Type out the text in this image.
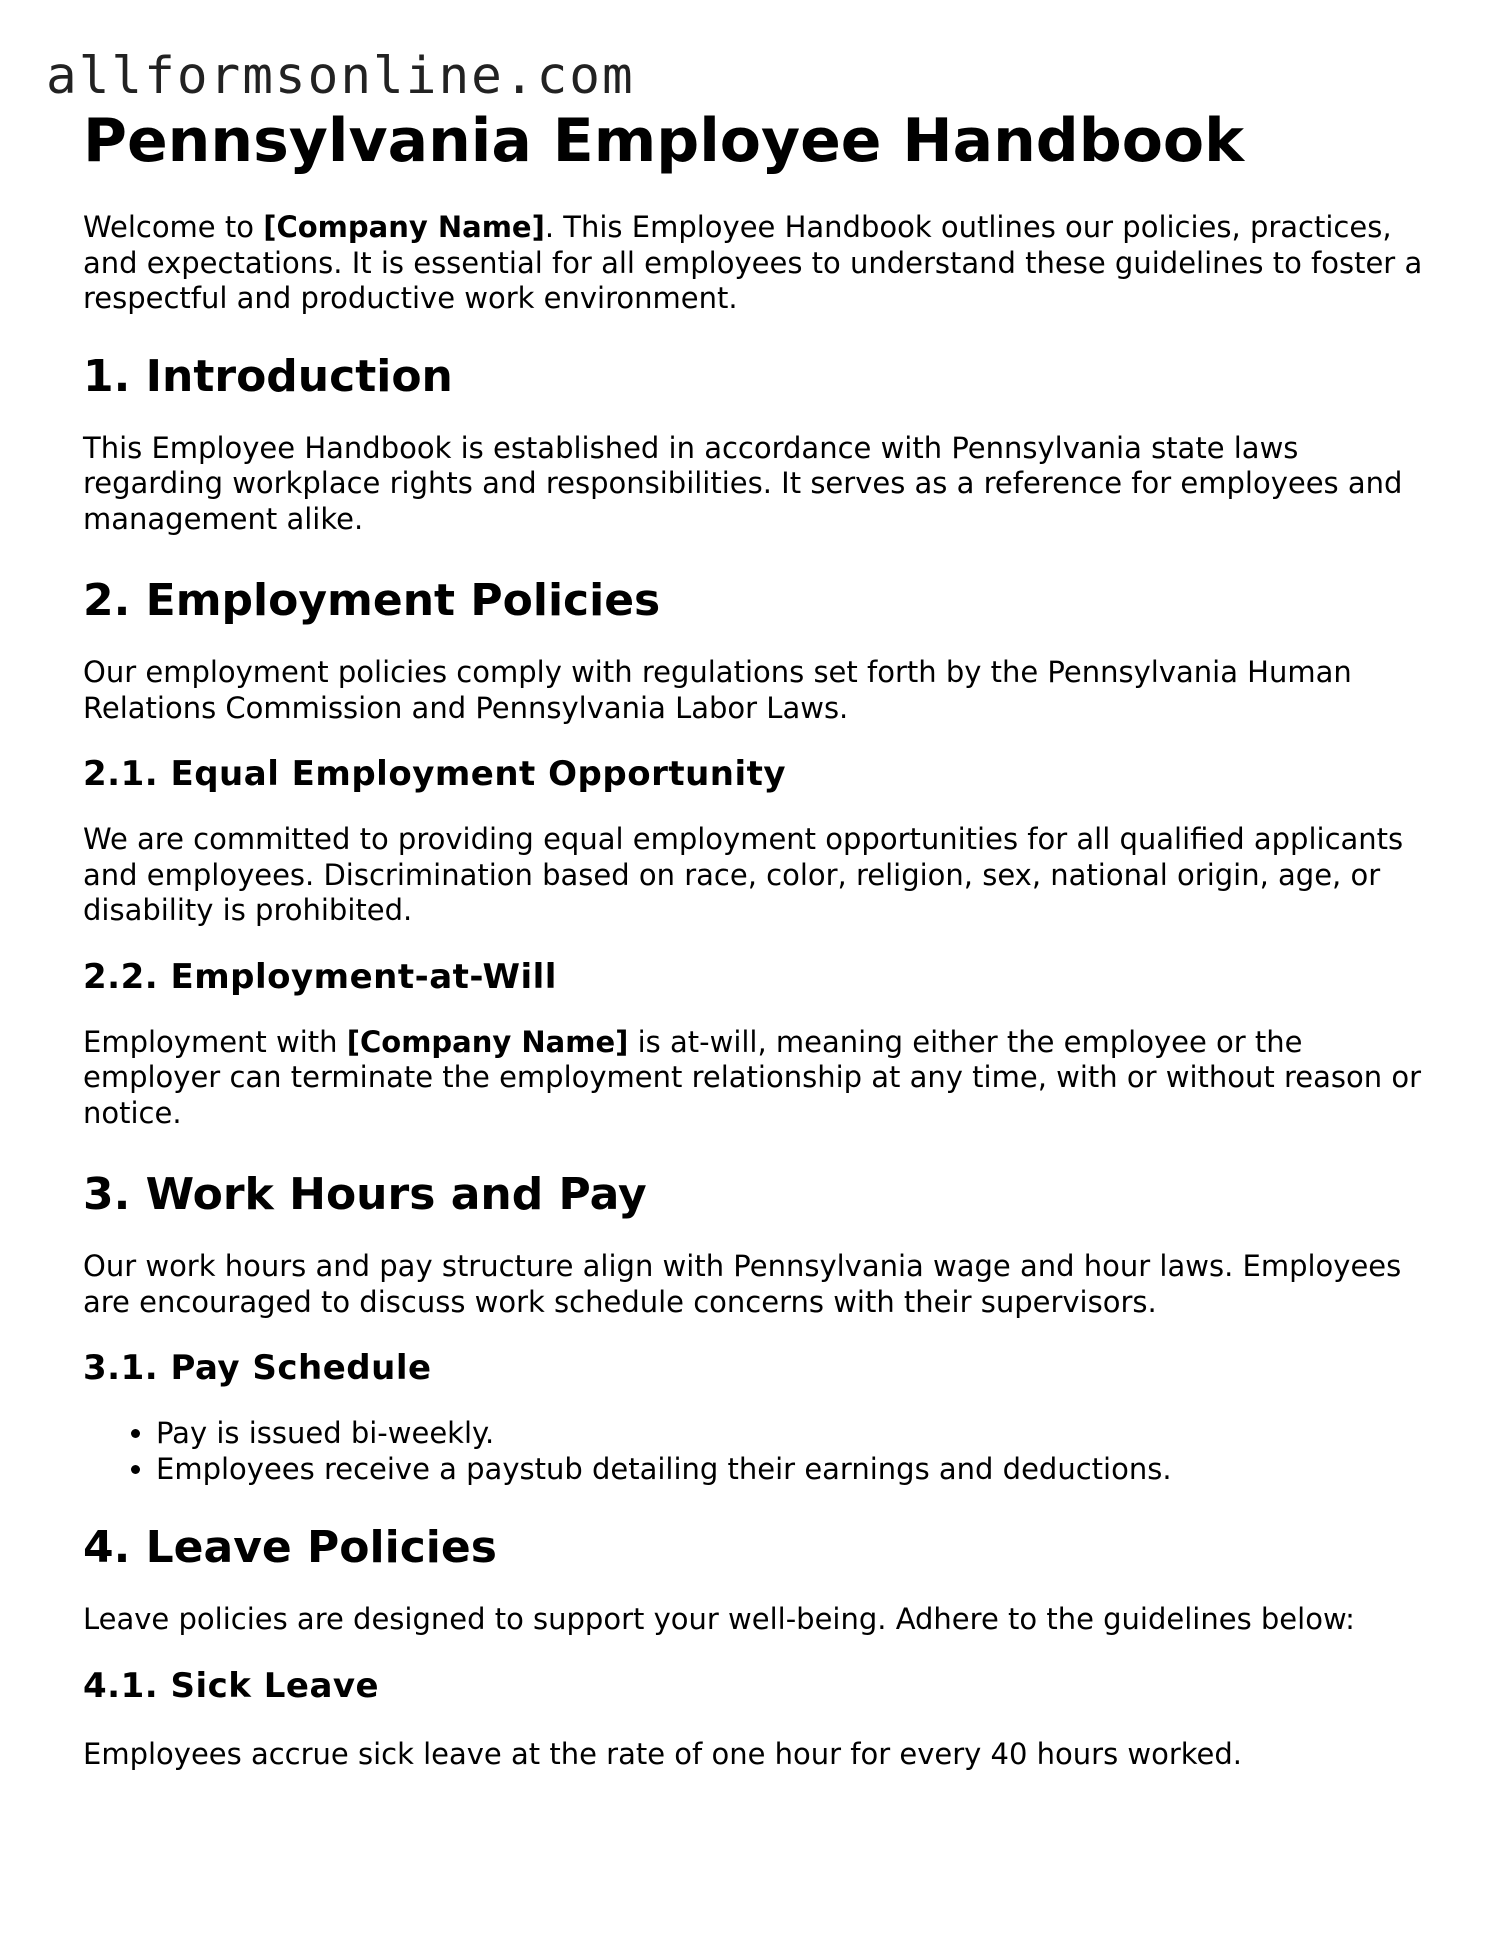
allformsonline.com
Pennsylvania Employee Handbook

Welcome to [Company Name]. This Employee Handbook outlines our policies, practices, and expectations. It is essential for all employees to understand these guidelines to foster a respectful and productive work environment.

1. Introduction

This Employee Handbook is established in accordance with Pennsylvania state laws regarding workplace rights and responsibilities. It serves as a reference for employees and management alike.

2. Employment Policies

Our employment policies comply with regulations set forth by the Pennsylvania Human Relations Commission and Pennsylvania Labor Laws.

2.1. Equal Employment Opportunity

We are committed to providing equal employment opportunities for all qualified applicants and employees. Discrimination based on race, color, religion, sex, national origin, age, or disability is prohibited.

2.2. Employment-at-Will

Employment with [Company Name] is at-will, meaning either the employee or the employer can terminate the employment relationship at any time, with or without reason or notice.

3. Work Hours and Pay

Our work hours and pay structure align with Pennsylvania wage and hour laws. Employees are encouraged to discuss work schedule concerns with their supervisors.

3.1. Pay Schedule
• Pay is issued bi-weekly.
• Employees receive a paystub detailing their earnings and deductions.
4. Leave Policies

Leave policies are designed to support your well-being. Adhere to the guidelines below:

4.1. Sick Leave

Employees accrue sick leave at the rate of one hour for every 40 hours worked.
